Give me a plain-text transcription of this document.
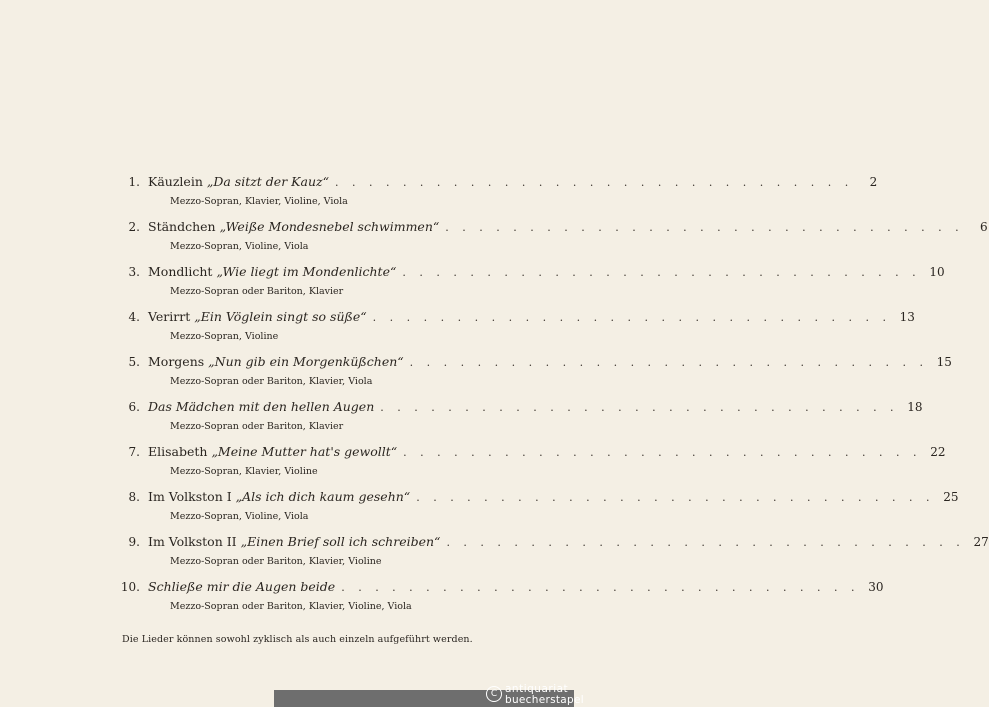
1. Käuzlein „Da sitzt der Kauz“ . . . . . . . . . . . . . . . . . . . . . . . . . . . . . . .	2
Mezzo-Sopran, Klavier, Violine, Viola
2. Ständchen „Weiße Mondesnebel schwimmen“ . . . . . . . . . . . . . . . . . . . . . . . . . . . . . . .	6
Mezzo-Sopran, Violine, Viola
3. Mondlicht „Wie liegt im Mondenlichte“ . . . . . . . . . . . . . . . . . . . . . . . . . . . . . . . 10
Mezzo-Sopran oder Bariton, Klavier
4. Verirrt „Ein Vöglein singt so süße“ . . . . . . . . . . . . . . . . . . . . . . . . . . . . . . . 13
Mezzo-Sopran, Violine
5. Morgens „Nun gib ein Morgenküßchen“ . . . . . . . . . . . . . . . . . . . . . . . . . . . . . . . 15
Mezzo-Sopran oder Bariton, Klavier, Viola
6. Das Mädchen mit den hellen Augen . . . . . . . . . . . . . . . . . . . . . . . . . . . . . . . 18
Mezzo-Sopran oder Bariton, Klavier
7. Elisabeth „Meine Mutter hat's gewollt“ . . . . . . . . . . . . . . . . . . . . . . . . . . . . . . . 22
Mezzo-Sopran, Klavier, Violine
8. Im Volkston I „Als ich dich kaum gesehn“ . . . . . . . . . . . . . . . . . . . . . . . . . . . . . . . 25
Mezzo-Sopran, Violine, Viola
9. Im Volkston II „Einen Brief soll ich schreiben“ . . . . . . . . . . . . . . . . . . . . . . . . . . . . . . . 27
Mezzo-Sopran oder Bariton, Klavier, Violine
10. Schließe mir die Augen beide . . . . . . . . . . . . . . . . . . . . . . . . . . . . . . . 30
Mezzo-Sopran oder Bariton, Klavier, Violine, Viola
Die Lieder können sowohl zyklisch als auch einzeln aufgeführt werden.
C antiquariat
buecherstapel
